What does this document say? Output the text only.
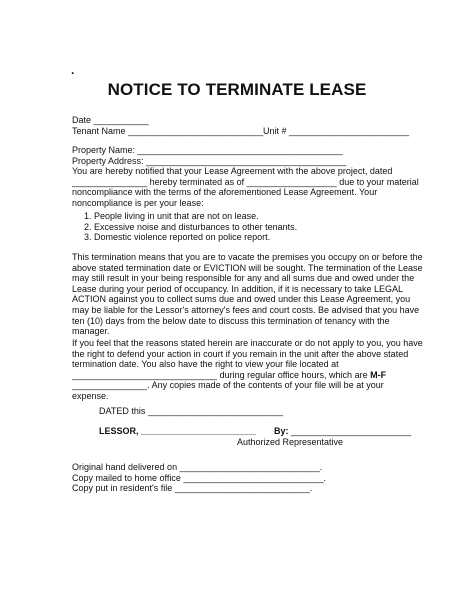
.
NOTICE TO TERMINATE LEASE
Date ___________
Tenant Name ___________________________ Unit # ________________________
Property Name: _________________________________________
Property Address: ________________________________________
You are hereby notified that your Lease Agreement with the above project, dated
_______________ hereby terminated as of __________________ due to your material
noncompliance with the terms of the aforementioned Lease Agreement. Your
noncompliance is per your lease:
1. People living in unit that are not on lease.
2. Excessive noise and disturbances to other tenants.
3. Domestic violence reported on police report.
This termination means that you are to vacate the premises you occupy on or before the
above stated termination date or EVICTION will be sought. The termination of the Lease
may still result in your being responsible for any and all sums due and owed under the
Lease during your period of occupancy. In addition, if it is necessary to take LEGAL
ACTION against you to collect sums due and owed under this Lease Agreement, you
may be liable for the Lessor's attorney's fees and court costs. Be advised that you have
ten (10) days from the below date to discuss this termination of tenancy with the
manager.
If you feel that the reasons stated herein are inaccurate or do not apply to you, you have
the right to defend your action in court if you remain in the unit after the above stated
termination date. You also have the right to view your file located at
_____________________________ during regular office hours, which are M-F
_______________. Any copies made of the contents of your file will be at your
expense.
DATED this ___________________________
LESSOR, _______________________ By: ________________________
Authorized Representative
Original hand delivered on ____________________________.
Copy mailed to home office ____________________________.
Copy put in resident's file ___________________________.
